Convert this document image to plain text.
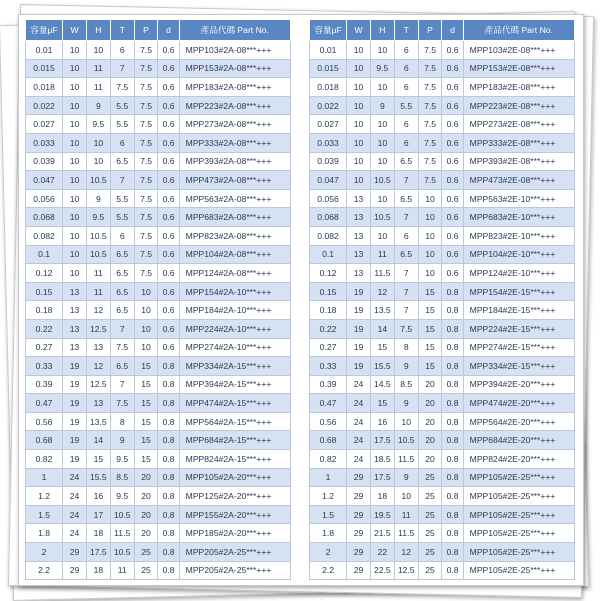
容量μF	W	H	T	P	d	產品代碼 Part No.
0.01	10	10	6	7.5	0.6	MPP103#2A-08***+++
0.015	10	11	7	7.5	0.6	MPP153#2A-08***+++
0.018	10	11	7.5	7.5	0.6	MPP183#2A-08***+++
0.022	10	9	5.5	7.5	0.6	MPP223#2A-08***+++
0.027	10	9.5	5.5	7.5	0.6	MPP273#2A-08***+++
0.033	10	10	6	7.5	0.6	MPP333#2A-08***+++
0.039	10	10	6.5	7.5	0.6	MPP393#2A-08***+++
0.047	10	10.5	7	7.5	0.6	MPP473#2A-08***+++
0.056	10	9	5.5	7.5	0.6	MPP563#2A-08***+++
0.068	10	9.5	5.5	7.5	0.6	MPP683#2A-08***+++
0.082	10	10.5	6	7.5	0.6	MPP823#2A-08***+++
0.1	10	10.5	6.5	7.5	0.6	MPP104#2A-08***+++
0.12	10	11	6.5	7.5	0.6	MPP124#2A-08***+++
0.15	13	11	6.5	10	0.6	MPP154#2A-10***+++
0.18	13	12	6.5	10	0.6	MPP184#2A-10***+++
0.22	13	12.5	7	10	0.6	MPP224#2A-10***+++
0.27	13	13	7.5	10	0.6	MPP274#2A-10***+++
0.33	19	12	6.5	15	0.8	MPP334#2A-15***+++
0.39	19	12.5	7	15	0.8	MPP394#2A-15***+++
0.47	19	13	7.5	15	0.8	MPP474#2A-15***+++
0.56	19	13.5	8	15	0.8	MPP564#2A-15***+++
0.68	19	14	9	15	0.8	MPP684#2A-15***+++
0.82	19	15	9.5	15	0.8	MPP824#2A-15***+++
1	24	15.5	8.5	20	0.8	MPP105#2A-20***+++
1.2	24	16	9.5	20	0.8	MPP125#2A-20***+++
1.5	24	17	10.5	20	0.8	MPP155#2A-20***+++
1.8	24	18	11.5	20	0.8	MPP185#2A-20***+++
2	29	17.5	10.5	25	0.8	MPP205#2A-25***+++
2.2	29	18	11	25	0.8	MPP205#2A-25***+++
容量μF	W	H	T	P	d	產品代碼 Part No.
0.01	10	10	6	7.5	0.6	MPP103#2E-08***+++
0.015	10	9.5	6	7.5	0.6	MPP153#2E-08***+++
0.018	10	10	6	7.5	0.6	MPP183#2E-08***+++
0.022	10	9	5.5	7.5	0.6	MPP223#2E-08***+++
0.027	10	10	6	7.5	0.6	MPP273#2E-08***+++
0.033	10	10	6	7.5	0.6	MPP333#2E-08***+++
0.039	10	10	6.5	7.5	0.6	MPP393#2E-08***+++
0.047	10	10.5	7	7.5	0.6	MPP473#2E-08***+++
0.056	13	10	6.5	10	0.6	MPP563#2E-10***+++
0.068	13	10.5	7	10	0.6	MPP683#2E-10***+++
0.082	13	10	6	10	0.6	MPP823#2E-10***+++
0.1	13	11	6.5	10	0.6	MPP104#2E-10***+++
0.12	13	11.5	7	10	0.6	MPP124#2E-10***+++
0.15	19	12	7	15	0.8	MPP154#2E-15***+++
0.18	19	13.5	7	15	0.8	MPP184#2E-15***+++
0.22	19	14	7.5	15	0.8	MPP224#2E-15***+++
0.27	19	15	8	15	0.8	MPP274#2E-15***+++
0.33	19	15.5	9	15	0.8	MPP334#2E-15***+++
0.39	24	14.5	8.5	20	0.8	MPP394#2E-20***+++
0.47	24	15	9	20	0.8	MPP474#2E-20***+++
0.56	24	16	10	20	0.8	MPP564#2E-20***+++
0.68	24	17.5	10.5	20	0.8	MPP684#2E-20***+++
0.82	24	18.5	11.5	20	0.8	MPP824#2E-20***+++
1	29	17.5	9	25	0.8	MPP105#2E-25***+++
1.2	29	18	10	25	0.8	MPP105#2E-25***+++
1.5	29	19.5	11	25	0.8	MPP105#2E-25***+++
1.8	29	21.5	11.5	25	0.8	MPP105#2E-25***+++
2	29	22	12	25	0.8	MPP105#2E-25***+++
2.2	29	22.5	12.5	25	0.8	MPP105#2E-25***+++
